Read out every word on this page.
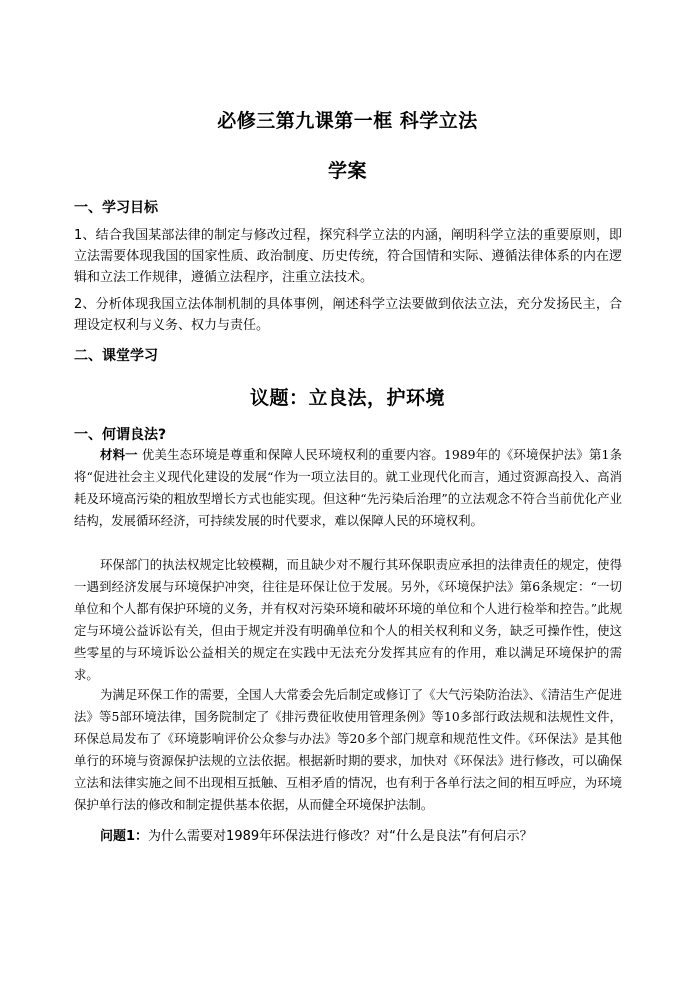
必修三第九课第一框 科学立法
学案
一、学习目标
1、结合我国某部法律的制定与修改过程，探究科学立法的内涵，阐明科学立法的重要原则，即立法需要体现我国的国家性质、政治制度、历史传统，符合国情和实际、遵循法律体系的内在逻辑和立法工作规律，遵循立法程序，注重立法技术。
2、分析体现我国立法体制机制的具体事例，阐述科学立法要做到依法立法，充分发扬民主，合理设定权利与义务、权力与责任。
二、课堂学习
议题：立良法，护环境
一、何谓良法?
材料一 优美生态环境是尊重和保障人民环境权利的重要内容。1989年的《环境保护法》第1条将“促进社会主义现代化建设的发展“作为一项立法目的。就工业现代化而言，通过资源高投入、高消耗及环境高污染的粗放型增长方式也能实现。但这种“先污染后治理”的立法观念不符合当前优化产业结构，发展循环经济，可持续发展的时代要求，难以保障人民的环境权利。
环保部门的执法权规定比较模糊，而且缺少对不履行其环保职责应承担的法律责任的规定，使得一遇到经济发展与环境保护冲突，往往是环保让位于发展。另外，《环境保护法》第6条规定：“一切单位和个人都有保护环境的义务，并有权对污染环境和破坏环境的单位和个人进行检举和控告。”此规定与环境公益诉讼有关，但由于规定并没有明确单位和个人的相关权利和义务，缺乏可操作性，使这些零星的与环境诉讼公益相关的规定在实践中无法充分发挥其应有的作用，难以满足环境保护的需求。
为满足环保工作的需要，全国人大常委会先后制定或修订了《大气污染防治法》、《清洁生产促进法》等5部环境法律，国务院制定了《排污费征收使用管理条例》等10多部行政法规和法规性文件，环保总局发布了《环境影响评价公众参与办法》等20多个部门规章和规范性文件。《环保法》是其他单行的环境与资源保护法规的立法依据。根据新时期的要求，加快对《环保法》进行修改，可以确保立法和法律实施之间不出现相互抵触、互相矛盾的情况，也有利于各单行法之间的相互呼应，为环境保护单行法的修改和制定提供基本依据，从而健全环境保护法制。
问题1：为什么需要对1989年环保法进行修改？对“什么是良法”有何启示？
